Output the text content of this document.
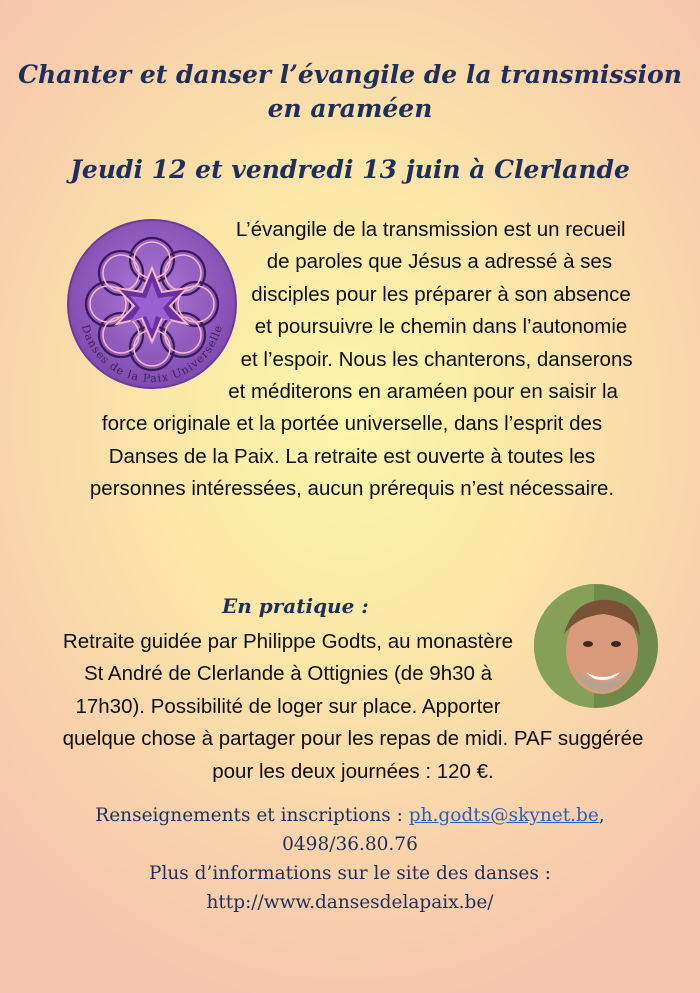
Chanter et danser l’évangile de la transmission en araméen
Jeudi 12 et vendredi 13 juin à Clerlande
Danses de la Paix Universelle

L’évangile de la transmission est un recueil de paroles que Jésus a adressé à ses disciples pour les préparer à son absence et poursuivre le chemin dans l’autonomie et l’espoir. Nous les chanterons, danserons et méditerons en araméen pour en saisir la force originale et la portée universelle, dans l’esprit des Danses de la Paix. La retraite est ouverte à toutes les personnes intéressées, aucun prérequis n’est nécessaire.

En pratique :

Retraite guidée par Philippe Godts, au monastère St André de Clerlande à Ottignies (de 9h30 à 17h30). Possibilité de loger sur place. Apporter quelque chose à partager pour les repas de midi. PAF suggérée pour les deux journées : 120 €.

Renseignements et inscriptions : ph.godts@skynet.be,
0498/36.80.76
Plus d’informations sur le site des danses :
http://www.dansesdelapaix.be/
